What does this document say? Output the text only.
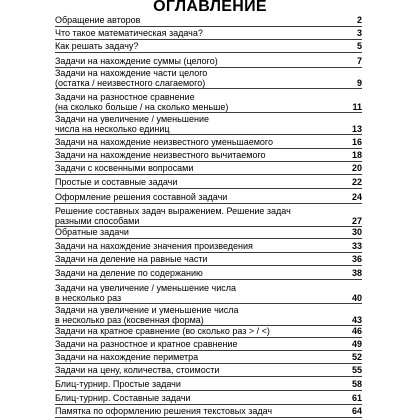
ОГЛАВЛЕНИЕ
Обращение авторов	2
Что такое математическая задача?	3
Как решать задачу?	5
Задачи на нахождение суммы (целого)	7
Задачи на нахождение части целого
(остатка / неизвестного слагаемого)	9
Задачи на разностное сравнение
(на сколько больше / на сколько меньше)	11
Задачи на увеличение / уменьшение
числа на несколько единиц	13
Задачи на нахождение неизвестного уменьшаемого	16
Задачи на нахождение неизвестного вычитаемого	18
Задачи с косвенными вопросами	20
Простые и составные задачи	22
Оформление решения составной задачи	24
Решение составных задач выражением. Решение задач
разными способами	27
Обратные задачи	30
Задачи на нахождение значения произведения	33
Задачи на деление на равные части	36
Задачи на деление по содержанию	38
Задачи на увеличение / уменьшение числа
в несколько раз	40
Задачи на увеличение и уменьшение числа
в несколько раз (косвенная форма)	43
Задачи на кратное сравнение (во сколько раз > / <)	46
Задачи на разностное и кратное сравнение	49
Задачи на нахождение периметра	52
Задачи на цену, количества, стоимости	55
Блиц-турнир. Простые задачи	58
Блиц-турнир. Составные задачи	61
Памятка по оформлению решения текстовых задач	64
